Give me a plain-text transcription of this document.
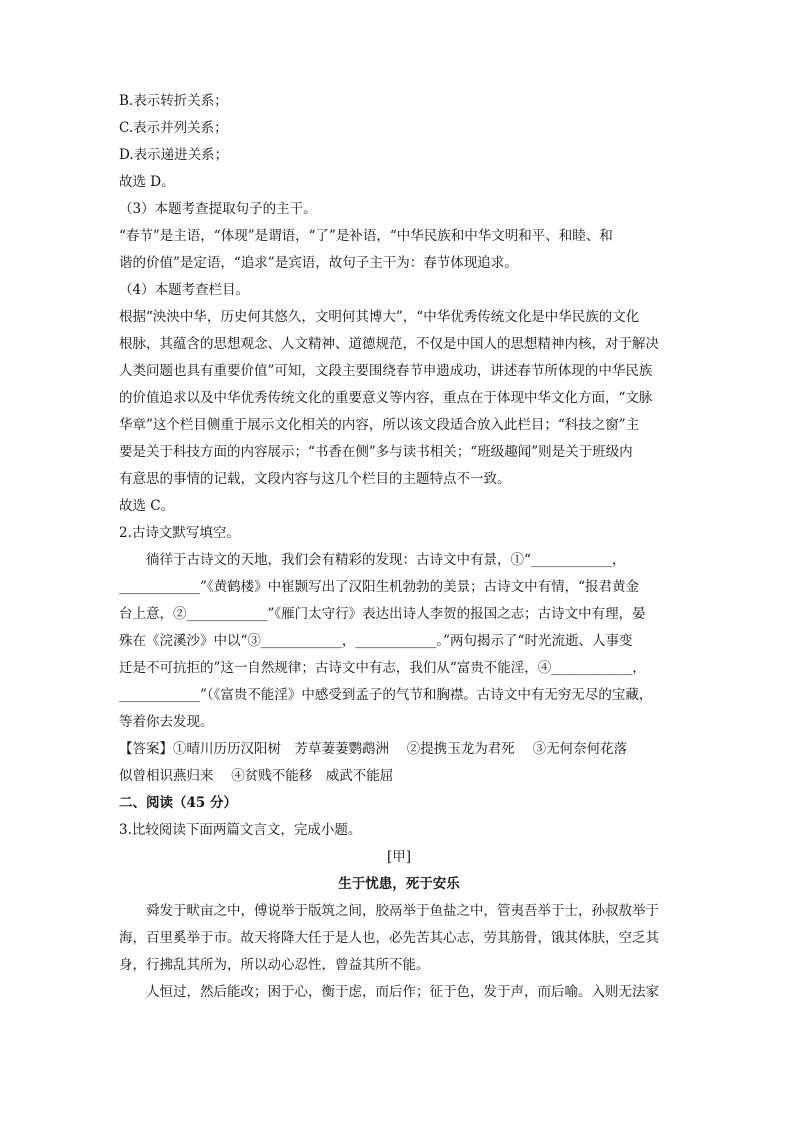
B.表示转折关系；
C.表示并列关系；
D.表示递进关系；
故选 D。
（3）本题考查提取句子的主干。
“春节”是主语，“体现”是谓语，“了”是补语，“中华民族和中华文明和平、和睦、和
谐的价值”是定语，“追求”是宾语，故句子主干为：春节体现追求。
（4）本题考查栏目。
根据“泱泱中华，历史何其悠久，文明何其博大”，“中华优秀传统文化是中华民族的文化
根脉，其蕴含的思想观念、人文精神、道德规范，不仅是中国人的思想精神内核，对于解决
人类问题也具有重要价值”可知，文段主要围绕春节申遗成功，讲述春节所体现的中华民族
的价值追求以及中华优秀传统文化的重要意义等内容，重点在于体现中华文化方面，“文脉
华章”这个栏目侧重于展示文化相关的内容，所以该文段适合放入此栏目；“科技之窗”主
要是关于科技方面的内容展示；“书香在侧”多与读书相关；“班级趣闻”则是关于班级内
有意思的事情的记载，文段内容与这几个栏目的主题特点不一致。
故选 C。
2.古诗文默写填空。
徜徉于古诗文的天地，我们会有精彩的发现：古诗文中有景，①“____________，
____________”《黄鹤楼》中崔颢写出了汉阳生机勃勃的美景；古诗文中有情，“报君黄金
台上意，②____________”《雁门太守行》表达出诗人李贺的报国之志；古诗文中有理，晏
殊在《浣溪沙》中以“③____________，____________。”两句揭示了“时光流逝、人事变
迁是不可抗拒的”这一自然规律；古诗文中有志，我们从“富贵不能淫，④____________，
____________”（《富贵不能淫》中感受到孟子的气节和胸襟。古诗文中有无穷无尽的宝藏，
等着你去发现。
【答案】①晴川历历汉阳树　芳草萋萋鹦鹉洲　 ②提携玉龙为君死　 ③无何奈何花落
似曾相识燕归来　 ④贫贱不能移　威武不能屈
二、阅读（45 分）
3.比较阅读下面两篇文言文，完成小题。
[甲]
生于忧患，死于安乐
舜发于畎亩之中，傅说举于版筑之间，胶鬲举于鱼盐之中，管夷吾举于士，孙叔敖举于
海，百里奚举于市。故天将降大任于是人也，必先苦其心志，劳其筋骨，饿其体肤，空乏其
身，行拂乱其所为，所以动心忍性，曾益其所不能。
人恒过，然后能改；困于心，衡于虑，而后作；征于色，发于声，而后喻。入则无法家
